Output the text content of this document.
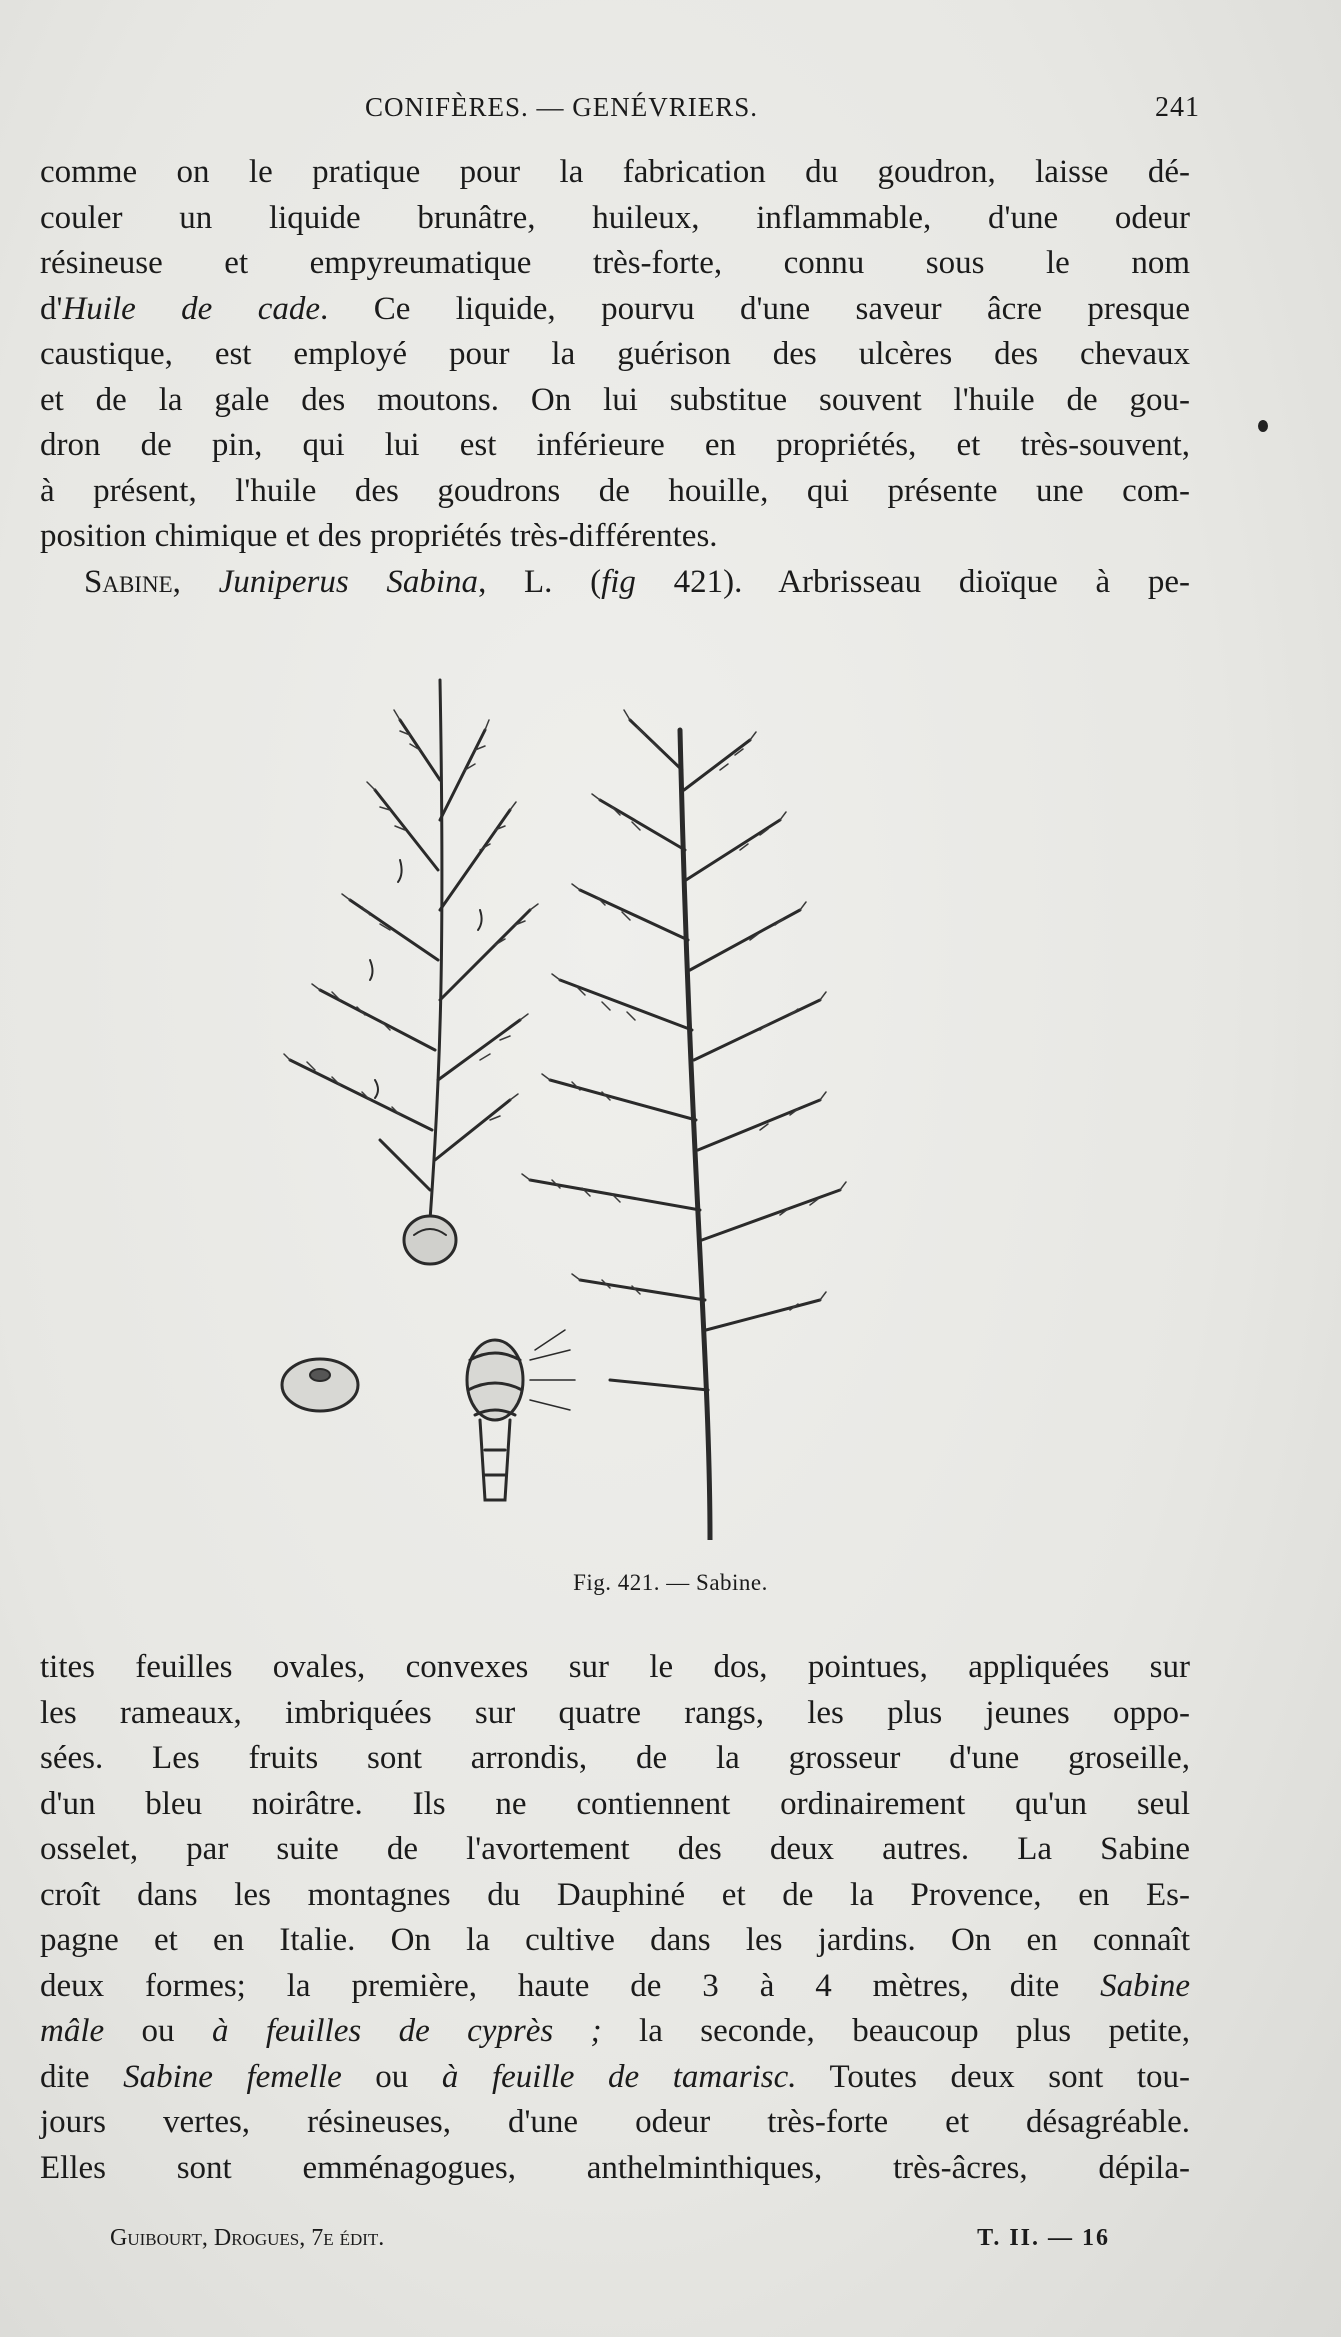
CONIFÈRES. — GENÉVRIERS.	241
comme on le pratique pour la fabrication du goudron, laisse dé-
couler un liquide brunâtre, huileux, inflammable, d'une odeur
résineuse et empyreumatique très-forte, connu sous le nom
d'Huile de cade. Ce liquide, pourvu d'une saveur âcre presque
caustique, est employé pour la guérison des ulcères des chevaux
et de la gale des moutons. On lui substitue souvent l'huile de gou-
dron de pin, qui lui est inférieure en propriétés, et très-souvent,
à présent, l'huile des goudrons de houille, qui présente une com-
position chimique et des propriétés très-différentes.
Sabine, Juniperus Sabina, L. (fig 421). Arbrisseau dioïque à pe-
Fig. 421. — Sabine.
tites feuilles ovales, convexes sur le dos, pointues, appliquées sur
les rameaux, imbriquées sur quatre rangs, les plus jeunes oppo-
sées. Les fruits sont arrondis, de la grosseur d'une groseille,
d'un bleu noirâtre. Ils ne contiennent ordinairement qu'un seul
osselet, par suite de l'avortement des deux autres. La Sabine
croît dans les montagnes du Dauphiné et de la Provence, en Es-
pagne et en Italie. On la cultive dans les jardins. On en connaît
deux formes; la première, haute de 3 à 4 mètres, dite Sabine
mâle ou à feuilles de cyprès ; la seconde, beaucoup plus petite,
dite Sabine femelle ou à feuille de tamarisc. Toutes deux sont tou-
jours vertes, résineuses, d'une odeur très-forte et désagréable.
Elles sont emménagogues, anthelminthiques, très-âcres, dépila-
Guibourt, Drogues, 7e édit.	T. II. — 16
